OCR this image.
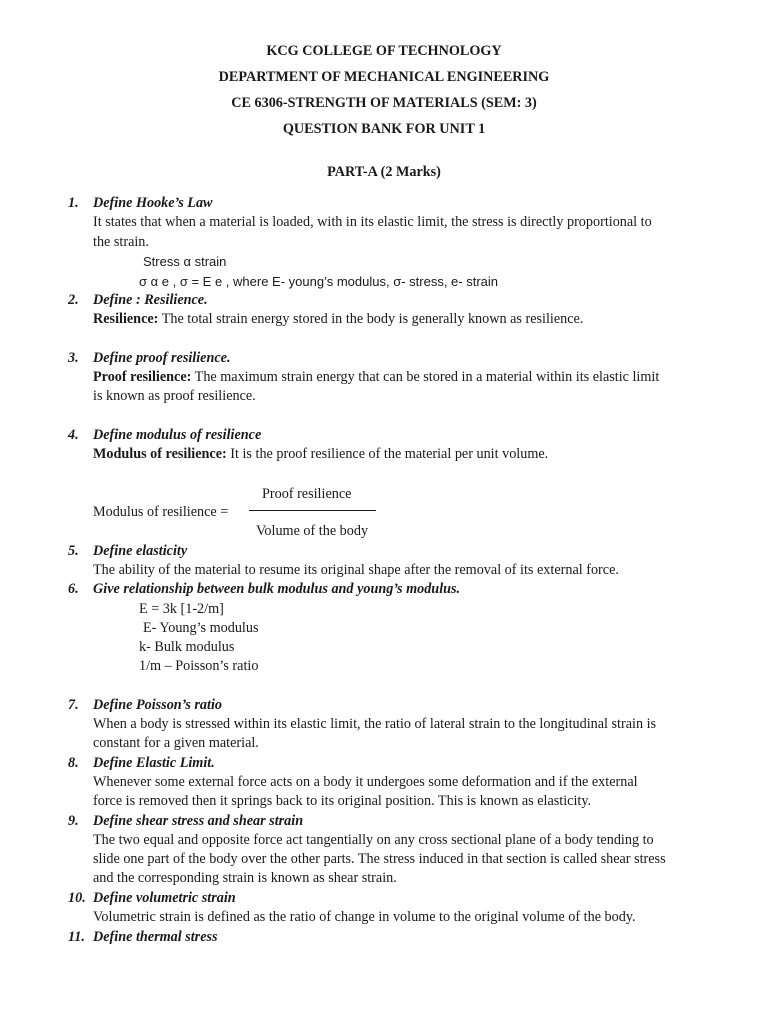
KCG COLLEGE OF TECHNOLOGY
DEPARTMENT OF MECHANICAL ENGINEERING
CE 6306-STRENGTH OF MATERIALS (SEM: 3)
QUESTION BANK FOR UNIT 1
PART-A (2 Marks)
1. Define Hooke’s Law
It states that when a material is loaded, with in its elastic limit, the stress is directly proportional to
the strain.
Stress α strain
σ α e , σ = E e , where E- young’s modulus, σ- stress, e- strain
2. Define : Resilience.
Resilience: The total strain energy stored in the body is generally known as resilience.
3. Define proof resilience.
Proof resilience: The maximum strain energy that can be stored in a material within its elastic limit
is known as proof resilience.
4. Define modulus of resilience
Modulus of resilience: It is the proof resilience of the material per unit volume.
Proof resilience
Modulus of resilience =
Volume of the body
5. Define elasticity
The ability of the material to resume its original shape after the removal of its external force.
6. Give relationship between bulk modulus and young’s modulus.
E = 3k [1-2/m]
E- Young’s modulus
k- Bulk modulus
1/m – Poisson’s ratio
7. Define Poisson’s ratio
When a body is stressed within its elastic limit, the ratio of lateral strain to the longitudinal strain is
constant for a given material.
8. Define Elastic Limit.
Whenever some external force acts on a body it undergoes some deformation and if the external
force is removed then it springs back to its original position. This is known as elasticity.
9. Define shear stress and shear strain
The two equal and opposite force act tangentially on any cross sectional plane of a body tending to
slide one part of the body over the other parts. The stress induced in that section is called shear stress
and the corresponding strain is known as shear strain.
10. Define volumetric strain
Volumetric strain is defined as the ratio of change in volume to the original volume of the body.
11. Define thermal stress
